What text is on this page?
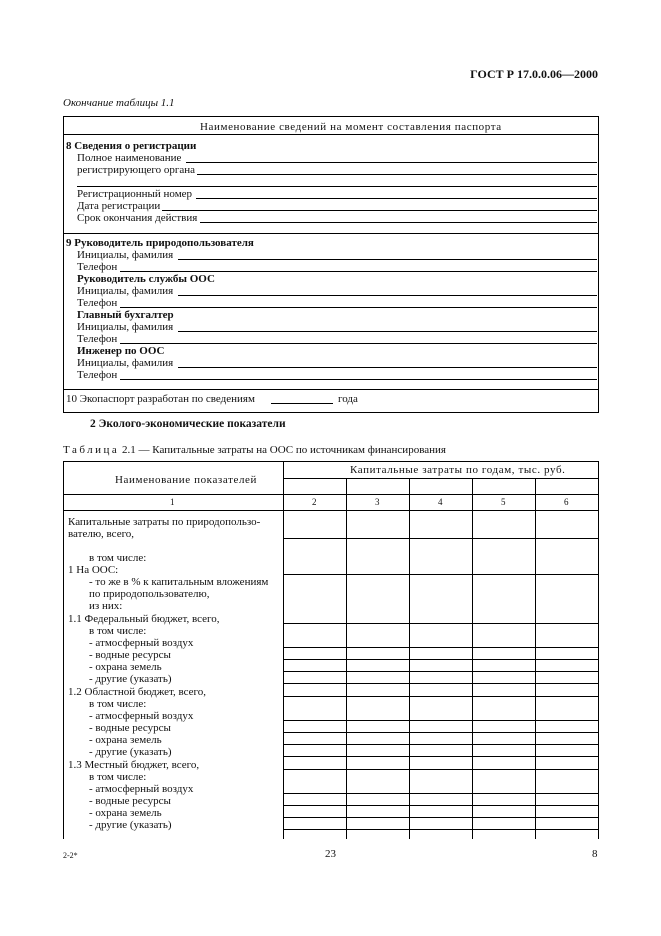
ГОСТ Р 17.0.0.06—2000
Окончание таблицы 1.1
Наименование сведений на момент составления паспорта
8 Сведения о регистрации
Полное наименование
регистрирующего органа
Регистрационный номер
Дата регистрации
Срок окончания действия
9 Руководитель природопользователя
Инициалы, фамилия
Телефон
Руководитель службы ООС
Инициалы, фамилия
Телефон
Главный бухгалтер
Инициалы, фамилия
Телефон
Инженер по ООС
Инициалы, фамилия
Телефон
10 Экопаспорт разработан по сведениям	года
2 Эколого-экономические показатели
Таблица 2.1 — Капитальные затраты на ООС по источникам финансирования
Наименование показателей
Капитальные затраты по годам, тыс. руб.
1	2	3	4	5	6
Капитальные затраты по природопользо-
вателю, всего,
в том числе:
1 На ООС:
- то же в % к капитальным вложениям
по природопользователю,
из них:
1.1 Федеральный бюджет, всего,
в том числе:
- атмосферный воздух
- водные ресурсы
- охрана земель
- другие (указать)
1.2 Областной бюджет, всего,
в том числе:
- атмосферный воздух
- водные ресурсы
- охрана земель
- другие (указать)
1.3 Местный бюджет, всего,
в том числе:
- атмосферный воздух
- водные ресурсы
- охрана земель
- другие (указать)
2-2*	23	8
